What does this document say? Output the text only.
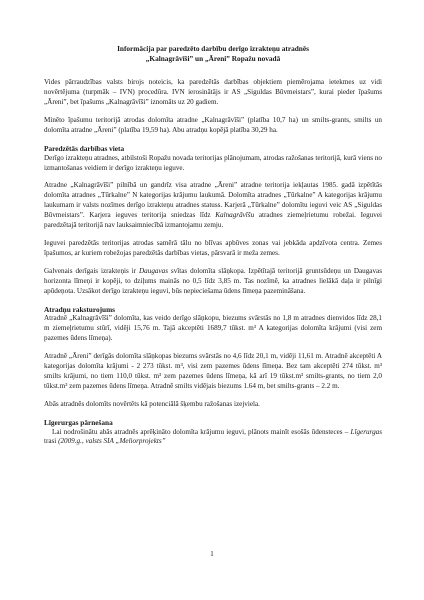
Informācija par paredzēto darbību derīgo izrakteņu atradnēs
„Kalnagrāvīši” un „Āreni” Ropažu novadā

Vides pārraudzības valsts birojs noteicis, ka paredzētās darbības objektiem piemērojama ietekmes uz vidi novērtējuma (turpmāk – IVN) procedūra. IVN ierosinātājs ir AS „Siguldas Būvmeistars”, kurai pieder īpašums „Āreni”, bet īpašums „Kalnagrāvīši” iznomāts uz 20 gadiem.

Minēto īpašumu teritorijā atrodas dolomīta atradne „Kalnagrāvīši” (platība 10,7 ha) un smilts-grants, smilts un dolomīta atradne „Āreni” (platība 19,59 ha). Abu atradņu kopējā platība 30,29 ha.

Paredzētās darbības vieta

Derīgo izrakteņu atradnes, atbilstoši Ropažu novada teritorijas plānojumam, atrodas ražošanas teritorijā, kurā viens no izmantošanas veidiem ir derīgo izrakteņu ieguve.

Atradne „Kalnagrāvīši” pilnībā un gandrīz visa atradne „Āreni” atradne teritorija iekļautas 1985. gadā izpētītās dolomīta atradnes „Tūrkalne” N kategorijas krājumu laukumā. Dolomīta atradnes „Tūrkalne” A kategorijas krājumu laukumam ir valsts nozīmes derīgo izrakteņu atradnes statuss. Karjerā „Tūrkalne” dolomītu ieguvi veic AS „Siguldas Būvmeistars”. Karjera ieguves teritorija sniedzas līdz Kalnagrāvīšu atradnes ziemeļrietumu robežai. Ieguvei paredzētajā teritorijā nav lauksaimniecībā izmantojamu zemju.

Ieguvei paredzētās teritorijas atrodas samērā tālu no blīvas apbūves zonas vai jebkāda apdzīvota centra. Zemes īpašumos, ar kuriem robežojas paredzētās darbības vietas, pārsvarā ir meža zemes.

Galvenais derīgais izrakteņis ir Daugavas svītas dolomīta slāņkopa. Izpētītajā teritorijā gruntsūdeņu un Daugavas horizonta līmeņi ir kopēji, to dziļums mainās no 0,5 līdz 3,85 m. Tas nozīmē, ka atradnes lielākā daļa ir pilnīgi apūdeņota. Uzsākot derīgo izrakteņu ieguvi, būs nepieciešama ūdens līmeņa pazemināšana.

Atradņu raksturojums

Atradnē „Kalnagrāvīši” dolomīta, kas veido derīgo slāņkopu, biezums svārstās no 1,8 m atradnes dienvidos līdz 28,1 m ziemeļrietumu stūrī, vidēji 15,76 m. Tajā akceptēti 1689,7 tūkst. m³ A kategorijas dolomīta krājumi (visi zem pazemes ūdens līmeņa).

Atradnē „Āreni” derīgās dolomīta slāņkopas biezums svārstās no 4,6 līdz 20,1 m, vidēji 11,61 m. Atradnē akceptēti A kategorijas dolomīta krājumi - 2 273 tūkst. m³, visi zem pazemes ūdens līmeņa. Bez tam akceptēti 274 tūkst. m³ smilts krājumi, no tiem 110,0 tūkst. m³ zem pazemes ūdens līmeņa, kā arī 19 tūkst.m³ smilts-grants, no tiem 2,0 tūkst.m³ zem pazemes ūdens līmeņa. Atradnē smilts vidējais biezums 1.64 m, bet smilts-grants – 2.2 m.

Abās atradnēs dolomīts novērtēts kā potenciālā šķembu ražošanas izejviela.

Līgerurgas pārnešana

Lai nodrošinātu abās atradnēs aprēķināto dolomīta krājumu ieguvi, plānots mainīt esošās ūdensteces – Līgerurgas trasi (2009.g., valsts SIA „Meliorprojekts”

1
